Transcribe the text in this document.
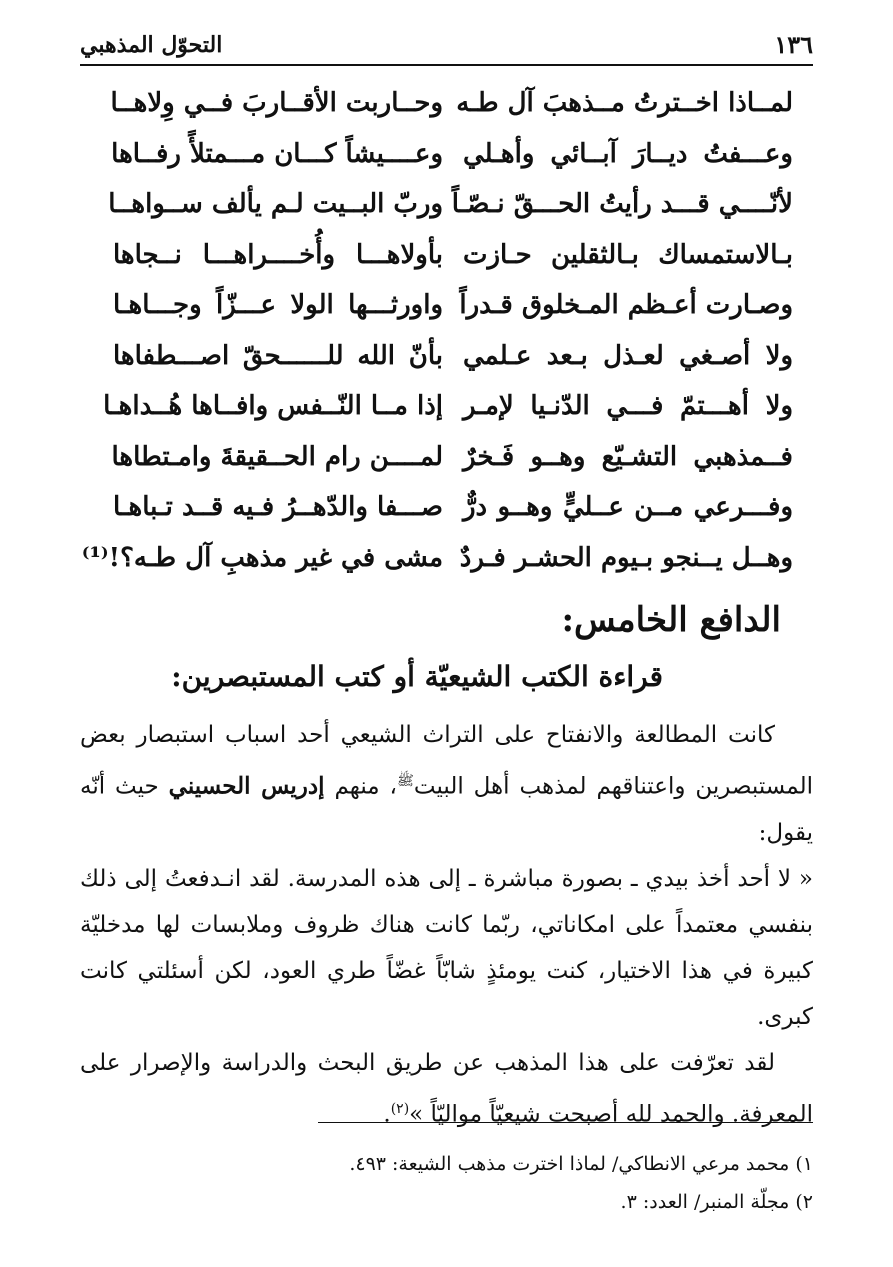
١٣٦
التحوّل المذهبي
لمــاذا اخــترتُ مــذهبَ آل طـه
وحــاربت الأقــاربَ فــي وِلاهــا
وعـــفتُ ديــارَ آبــائي وأهـلي
وعــــيشاً كـــان مـــمتلأً رفــاها
لأنّــــي قـــد رأيتُ الحـــقّ نـصّـاً
وربّ البــيت لـم يألف ســواهــا
بـالاستمساك بـالثقلين حـازت
بأولاهـــا وأُخــــراهـــا نــجاها
وصـارت أعـظم المـخلوق قـدراً
واورثـــها الولا عـــزّاً وجـــاهـا
ولا أصـغي لعـذل بـعد عـلمي
بأنّ الله للــــــحقّ اصـــطفاها
ولا أهـــتمّ فـــي الدّنـيا لإمـر
إذا مــا النّــفس وافــاها هُــداهـا
فــمذهبي التشـيّع وهــو فَـخرٌ
لمــــن رام الحــقيقةَ وامـتطاها
وفـــرعي مــن عــليٍّ وهــو درٌّ
صـــفا والدّهــرُ فـيه قــد تـباهـا
وهــل يــنجو بـيوم الحشـر فـردٌ
مشى في غير مذهبِ آل طـه؟!⁽¹⁾
الدافع الخامس:
قراءة الكتب الشيعيّة أو كتب المستبصرين:

كانت المطالعة والانفتاح على التراث الشيعي أحد اسباب استبصار بعض المستبصرين واعتناقهم لمذهب أهل البيت$^ﷺ$، منهم إدريس الحسيني حيث أنّه يقول:

« لا أحد أخذ بيدي ـ بصورة مباشرة ـ إلى هذه المدرسة. لقد انـدفعتُ إلى ذلك بنفسي معتمداً على امكاناتي، ربّما كانت هناك ظروف وملابسات لها مدخليّة كبيرة في هذا الاختيار، كنت يومئذٍ شابّاً غضّاً طري العود، لكن أسئلتي كانت كبرى.

لقد تعرّفت على هذا المذهب عن طريق البحث والدراسة والإصرار على المعرفة. والحمد لله أصبحت شيعيّاً مواليّاً »$^{(٢)}$.

١) محمد مرعي الانطاكي/ لماذا اخترت مذهب الشيعة: ٤٩٣.
٢) مجلّة المنبر/ العدد: ٣.
